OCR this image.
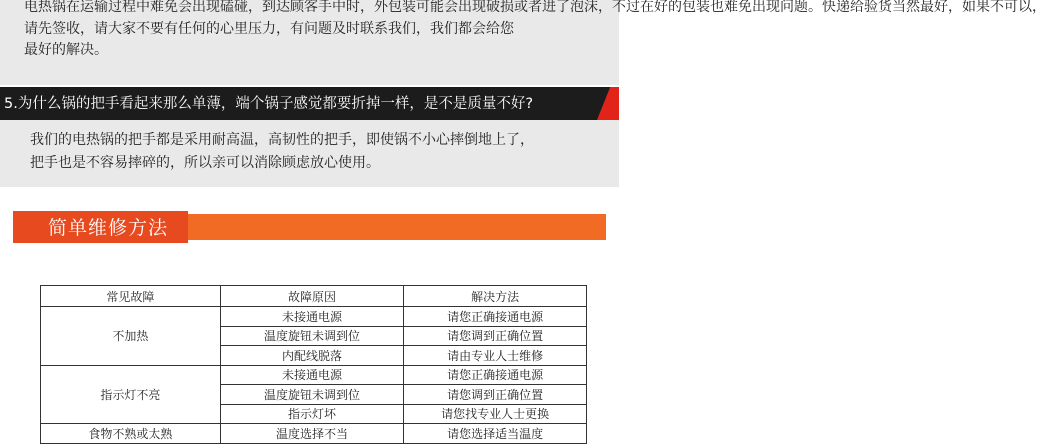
电热锅在运输过程中难免会出现磕碰，到达顾客手中时，外包装可能会出现破损或者进了泡沫，不过在好的包装也难免出现问题。快递给验货当然最好，如果不可以，
请先签收，请大家不要有任何的心里压力，有问题及时联系我们，我们都会给您
最好的解决。
5.为什么锅的把手看起来那么单薄，端个锅子感觉都要折掉一样，是不是质量不好?
我们的电热锅的把手都是采用耐高温，高韧性的把手，即使锅不小心摔倒地上了，
把手也是不容易摔碎的，所以亲可以消除顾虑放心使用。
简单维修方法
常见故障	故障原因	解决方法
不加热	未接通电源	请您正确接通电源
	温度旋钮未调到位	请您调到正确位置
	内配线脱落	请由专业人士维修
指示灯不亮	未接通电源	请您正确接通电源
	温度旋钮未调到位	请您调到正确位置
	指示灯坏	请您找专业人士更换
食物不熟或太熟	温度选择不当	请您选择适当温度
